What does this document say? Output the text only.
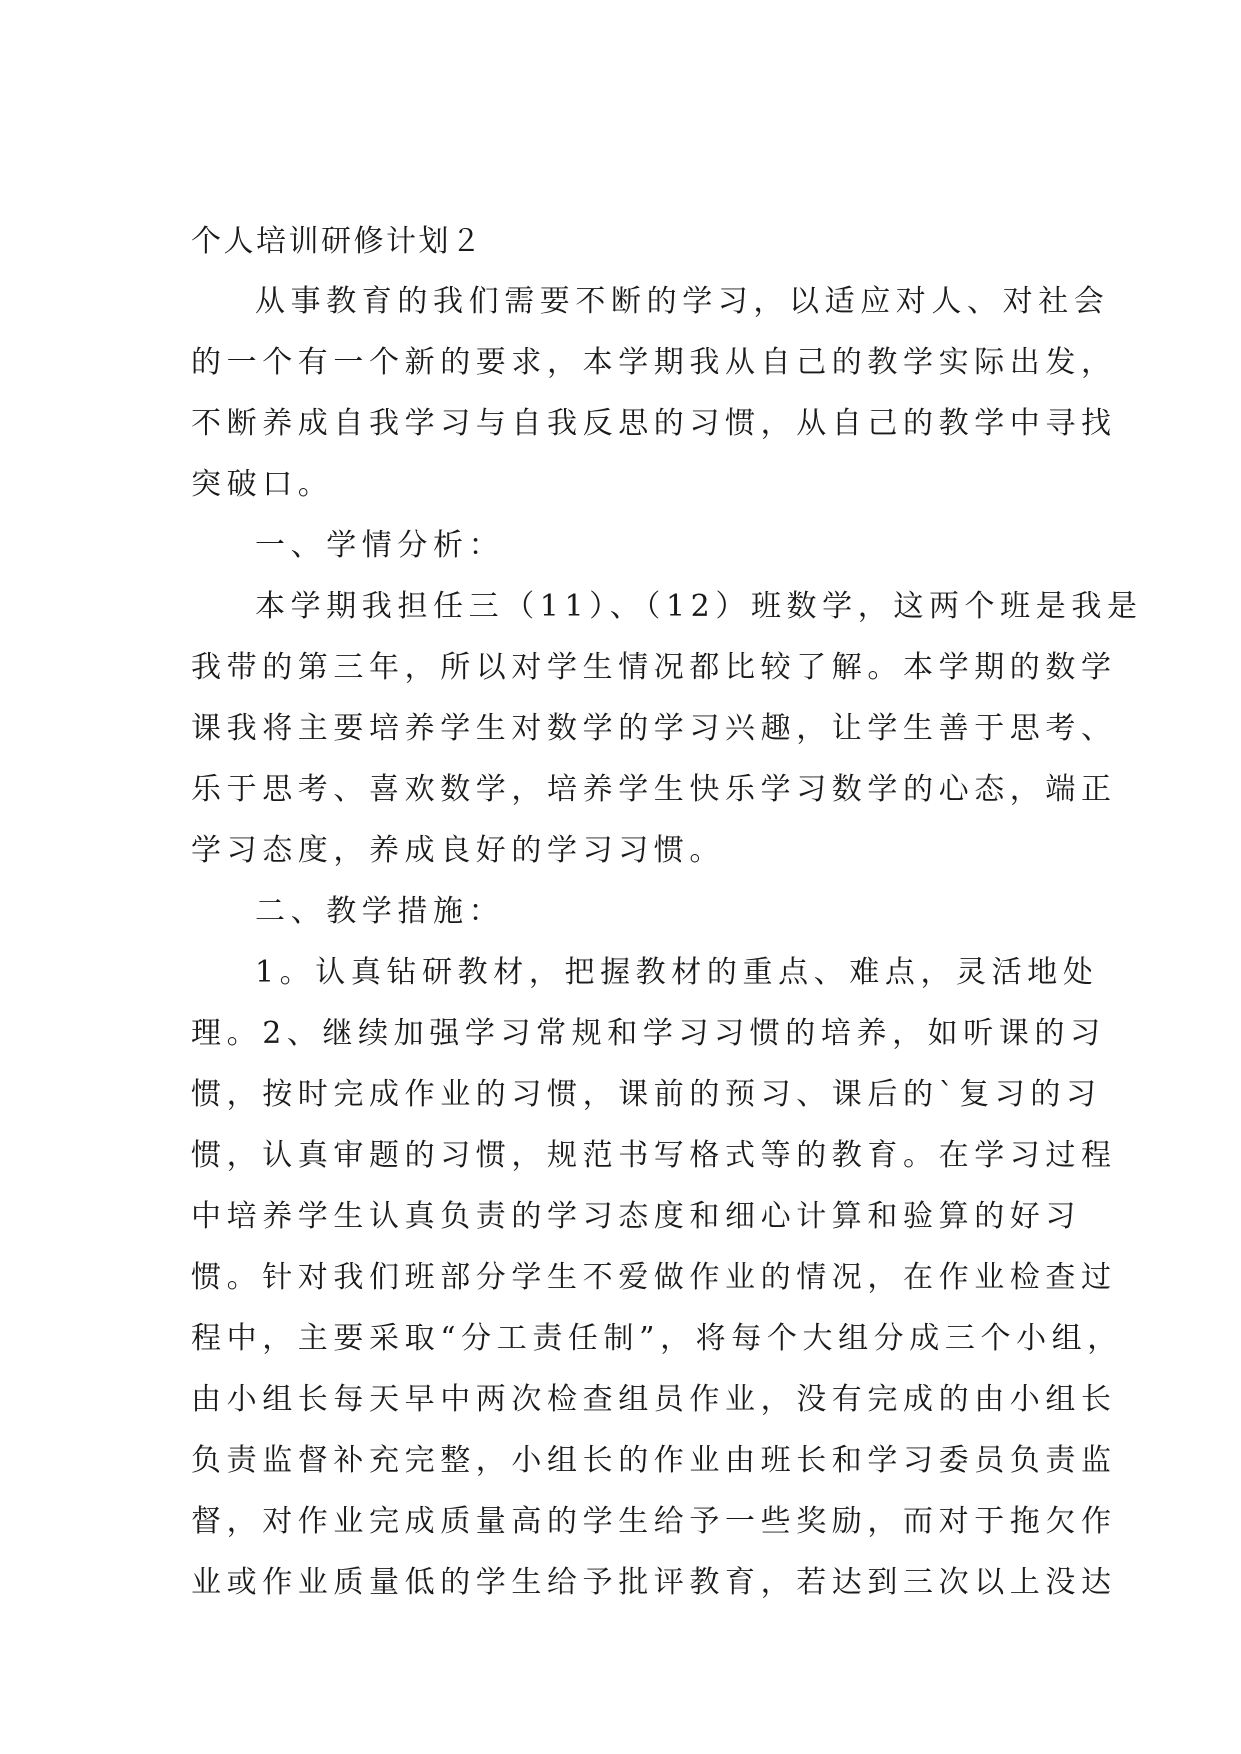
个人培训研修计划２
从事教育的我们需要不断的学习，以适应对人、对社会
的一个有一个新的要求，本学期我从自己的教学实际出发，
不断养成自我学习与自我反思的习惯，从自己的教学中寻找
突破口。
一、学情分析：
本学期我担任三（11）、（12）班数学，这两个班是我是
我带的第三年，所以对学生情况都比较了解。本学期的数学
课我将主要培养学生对数学的学习兴趣，让学生善于思考、
乐于思考、喜欢数学，培养学生快乐学习数学的心态，端正
学习态度，养成良好的学习习惯。
二、教学措施：
1。认真钻研教材，把握教材的重点、难点，灵活地处
理。2、继续加强学习常规和学习习惯的培养，如听课的习
惯，按时完成作业的习惯，课前的预习、课后的`复习的习
惯，认真审题的习惯，规范书写格式等的教育。在学习过程
中培养学生认真负责的学习态度和细心计算和验算的好习
惯。针对我们班部分学生不爱做作业的情况，在作业检查过
程中，主要采取“分工责任制”，将每个大组分成三个小组，
由小组长每天早中两次检查组员作业，没有完成的由小组长
负责监督补充完整，小组长的作业由班长和学习委员负责监
督，对作业完成质量高的学生给予一些奖励，而对于拖欠作
业或作业质量低的学生给予批评教育，若达到三次以上没达
